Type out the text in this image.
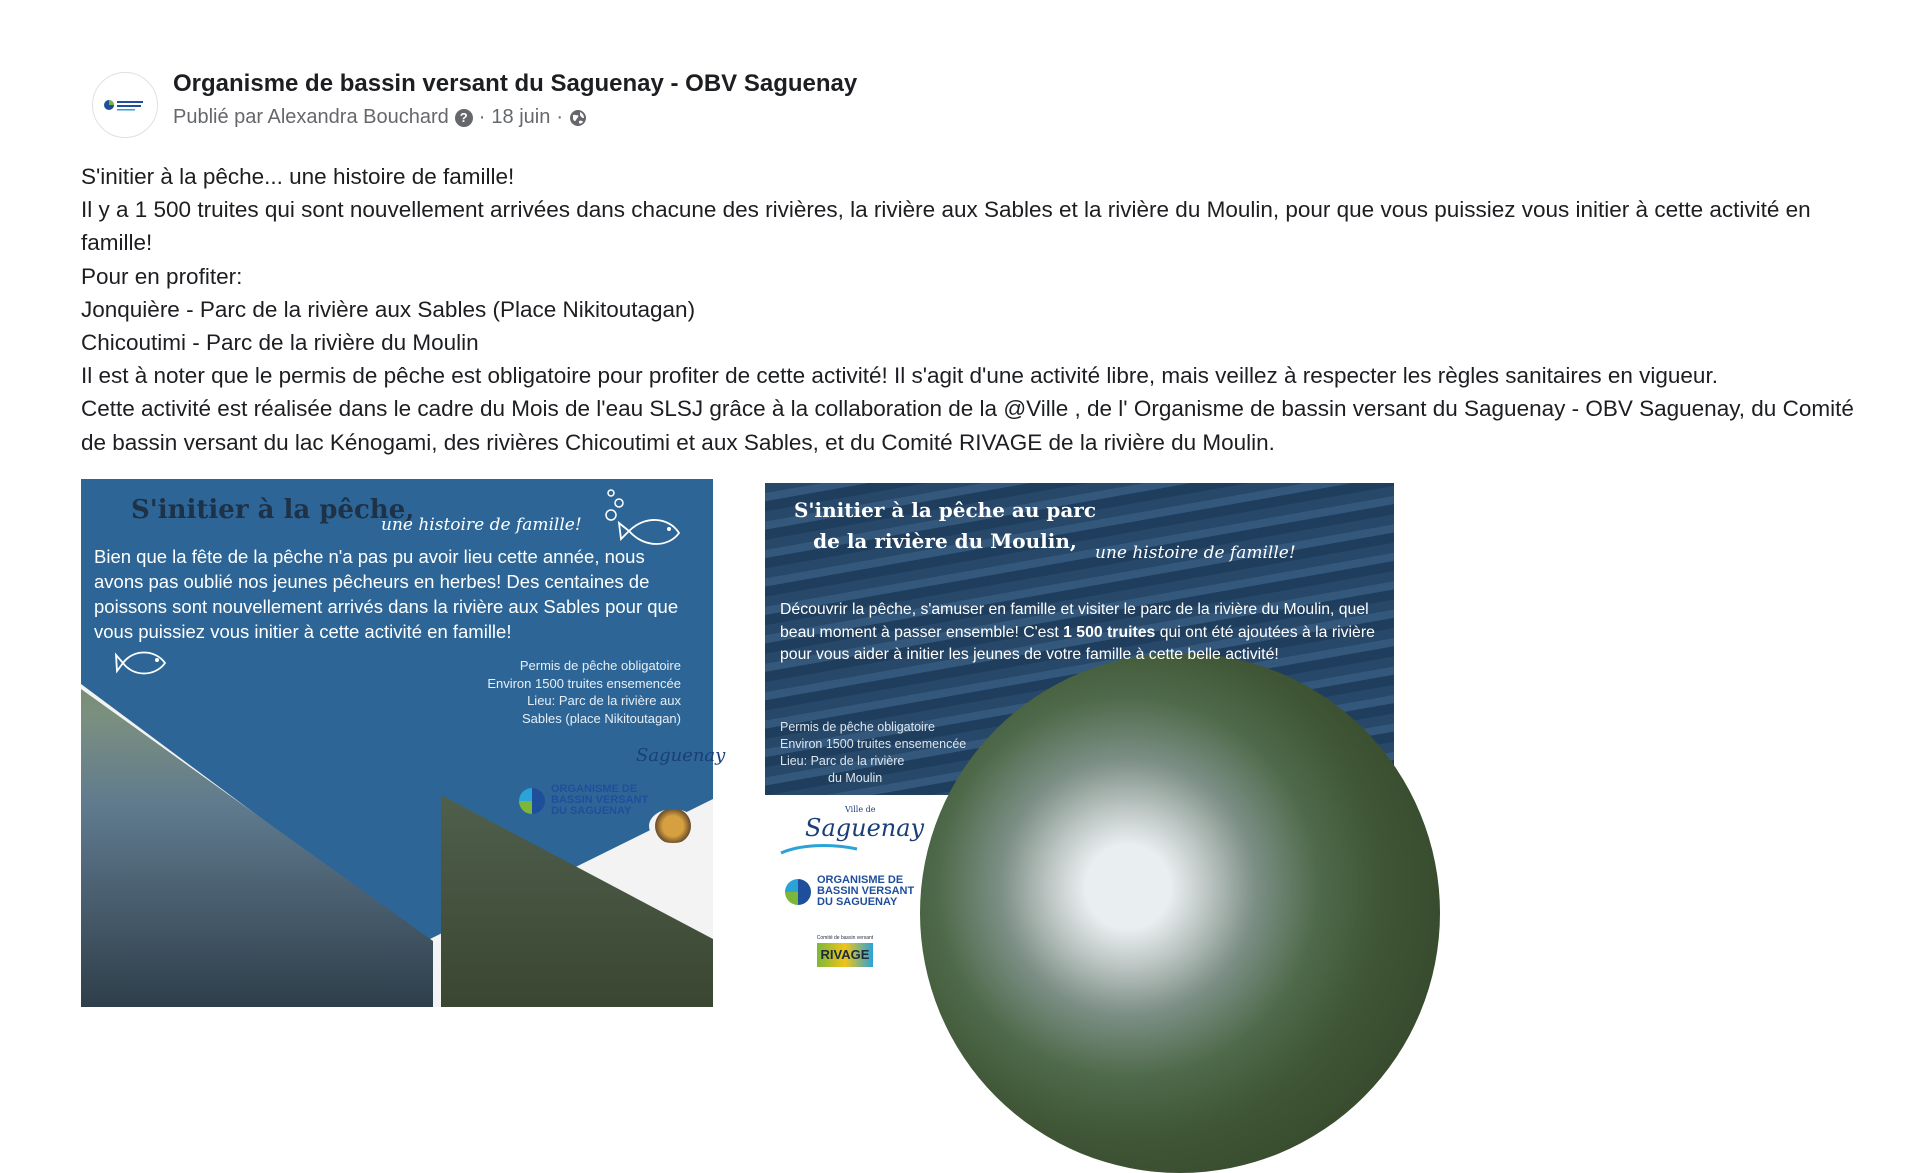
Organisme de bassin versant du Saguenay - OBV Saguenay
Publié par Alexandra Bouchard ? · 18 juin ·

S'initier à la pêche... une histoire de famille!

Il y a 1 500 truites qui sont nouvellement arrivées dans chacune des rivières, la rivière aux Sables et la rivière du Moulin, pour que vous puissiez vous initier à cette activité en famille!

Pour en profiter:

Jonquière - Parc de la rivière aux Sables (Place Nikitoutagan)

Chicoutimi - Parc de la rivière du Moulin

Il est à noter que le permis de pêche est obligatoire pour profiter de cette activité! Il s'agit d'une activité libre, mais veillez à respecter les règles sanitaires en vigueur.

Cette activité est réalisée dans le cadre du Mois de l'eau SLSJ grâce à la collaboration de la @Ville , de l' Organisme de bassin versant du Saguenay - OBV Saguenay, du Comité de bassin versant du lac Kénogami, des rivières Chicoutimi et aux Sables, et du Comité RIVAGE de la rivière du Moulin.

S'initier à la pêche,
une histoire de famille!
Bien que la fête de la pêche n'a pas pu avoir lieu cette année, nous avons pas oublié nos jeunes pêcheurs en herbes! Des centaines de poissons sont nouvellement arrivés dans la rivière aux Sables pour que vous puissiez vous initier à cette activité en famille!
Permis de pêche obligatoire
Environ 1500 truites ensemencée
Lieu: Parc de la rivière aux
Sables (place Nikitoutagan)
Saguenay
ORGANISME DE
BASSIN VERSANT
DU SAGUENAY
S'initier à la pêche au parc
de la rivière du Moulin,	une histoire de famille!
Découvrir la pêche, s'amuser en famille et visiter le parc de la rivière du Moulin, quel beau moment à passer ensemble! C'est 1 500 truites qui ont été ajoutées à la rivière pour vous aider à initier les jeunes de votre famille à cette belle activité!
Permis de pêche obligatoire
Environ 1500 truites ensemencée
Lieu: Parc de la rivière
du Moulin
Ville de
Saguenay
ORGANISME DE
BASSIN VERSANT
DU SAGUENAY
Comité de bassin versant
RIVAGE
